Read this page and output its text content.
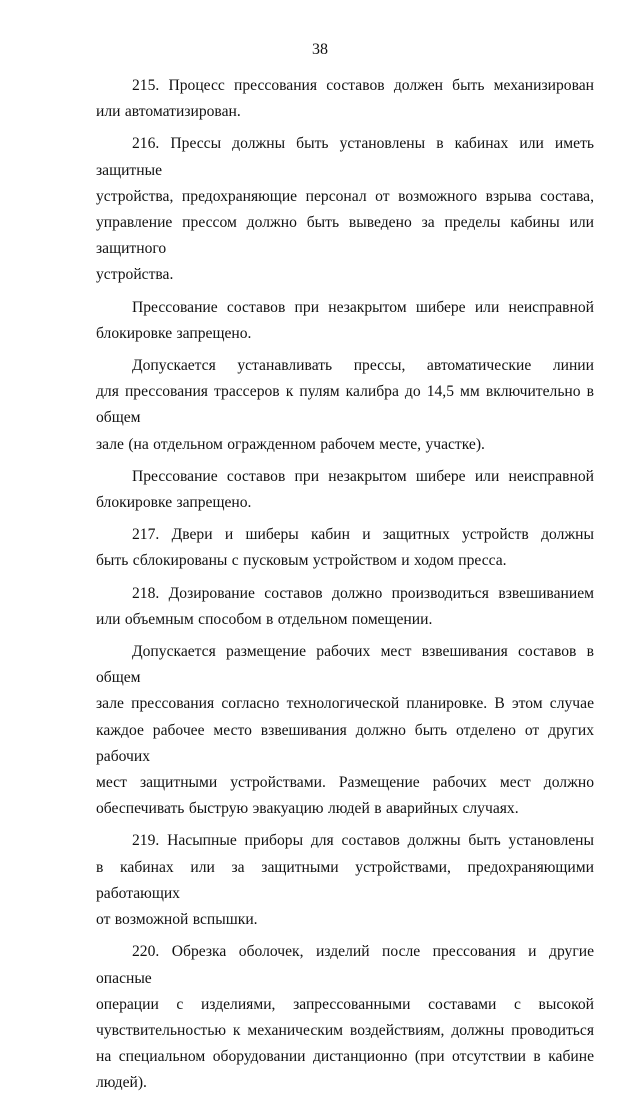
38

215. Процесс прессования составов должен быть механизирован
или автоматизирован.

216. Прессы должны быть установлены в кабинах или иметь защитные
устройства, предохраняющие персонал от возможного взрыва состава,
управление прессом должно быть выведено за пределы кабины или защитного
устройства.

Прессование составов при незакрытом шибере или неисправной
блокировке запрещено.

Допускается устанавливать прессы, автоматические линии
для прессования трассеров к пулям калибра до 14,5 мм включительно в общем
зале (на отдельном огражденном рабочем месте, участке).

Прессование составов при незакрытом шибере или неисправной
блокировке запрещено.

217. Двери и шиберы кабин и защитных устройств должны
быть сблокированы с пусковым устройством и ходом пресса.

218. Дозирование составов должно производиться взвешиванием
или объемным способом в отдельном помещении.

Допускается размещение рабочих мест взвешивания составов в общем
зале прессования согласно технологической планировке. В этом случае
каждое рабочее место взвешивания должно быть отделено от других рабочих
мест защитными устройствами. Размещение рабочих мест должно
обеспечивать быструю эвакуацию людей в аварийных случаях.

219. Насыпные приборы для составов должны быть установлены
в кабинах или за защитными устройствами, предохраняющими работающих
от возможной вспышки.

220. Обрезка оболочек, изделий после прессования и другие опасные
операции с изделиями, запрессованными составами с высокой
чувствительностью к механическим воздействиям, должны проводиться
на специальном оборудовании дистанционно (при отсутствии в кабине
людей).
